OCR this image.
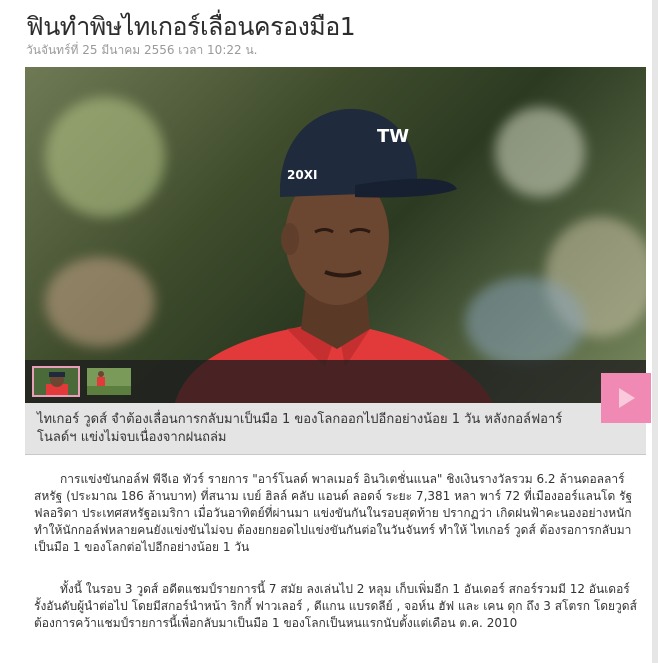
ฟินทำพิษไทเกอร์เลื่อนครองมือ1
วันจันทร์ที่ 25 มีนาคม 2556 เวลา 10:22 น.
TW
20XI
ไทเกอร์ วูดส์ จำต้องเลื่อนการกลับมาเป็นมือ 1 ของโลกออกไปอีกอย่างน้อย 1 วัน หลังกอล์ฟอาร์โนลด์ฯ แข่งไม่จบเนื่องจากฝนถล่ม
การแข่งขันกอล์ฟ พีจีเอ ทัวร์ รายการ "อาร์โนลด์ พาลเมอร์ อินวิเตชั่นแนล" ชิงเงินรางวัลรวม 6.2 ล้านดอลลาร์สหรัฐ (ประมาณ 186 ล้านบาท) ที่สนาม เบย์ ฮิลล์ คลับ แอนด์ ลอดจ์ ระยะ 7,381 หลา พาร์ 72 ที่เมืองออร์แลนโด รัฐฟลอริดา ประเทศสหรัฐอเมริกา เมื่อวันอาทิตย์ที่ผ่านมา แข่งขันกันในรอบสุดท้าย ปรากฏว่า เกิดฝนฟ้าคะนองอย่างหนัก ทำให้นักกอล์ฟหลายคนยังแข่งขันไม่จบ ต้องยกยอดไปแข่งขันกันต่อในวันจันทร์ ทำให้ ไทเกอร์ วูดส์ ต้องรอการกลับมาเป็นมือ 1 ของโลกต่อไปอีกอย่างน้อย 1 วัน
ทั้งนี้ ในรอบ 3 วูดส์ อดีตแชมป์รายการนี้ 7 สมัย ลงเล่นไป 2 หลุม เก็บเพิ่มอีก 1 อันเดอร์ สกอร์รวมมี 12 อันเดอร์ รั้งอันดับผู้นำต่อไป โดยมีสกอร์นำหน้า ริกกี้ ฟาวเลอร์ , ดีแกน แบรดลีย์ , จอห์น ฮัฟ และ เคน ดุก ถึง 3 สโตรก โดยวูดส์ ต้องการคว้าแชมป์รายการนี้เพื่อกลับมาเป็นมือ 1 ของโลกเป็นหนแรกนับตั้งแต่เดือน ต.ค. 2010
